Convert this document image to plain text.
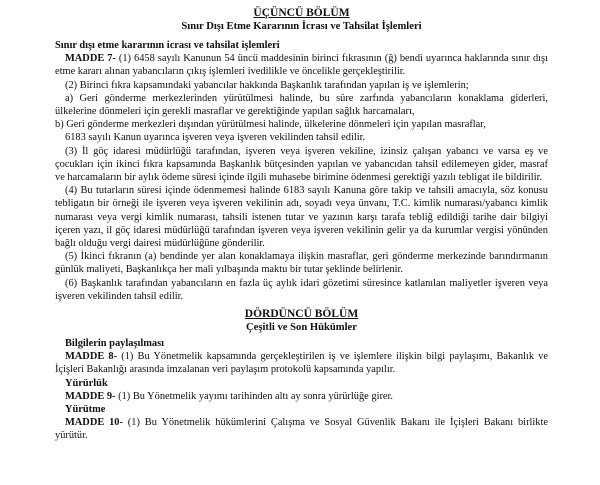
ÜÇÜNCÜ BÖLÜM
Sınır Dışı Etme Kararının İcrası ve Tahsilat İşlemleri
Sınır dışı etme kararının icrası ve tahsilat işlemleri

MADDE 7- (1) 6458 sayılı Kanunun 54 üncü maddesinin birinci fıkrasının (ğ) bendi uyarınca haklarında sınır dışı etme kararı alınan yabancıların çıkış işlemleri ivedilikle ve öncelikle gerçekleştirilir.

(2) Birinci fıkra kapsamındaki yabancılar hakkında Başkanlık tarafından yapılan iş ve işlemlerin;

a) Geri gönderme merkezlerinden yürütülmesi halinde, bu süre zarfında yabancıların konaklama giderleri, ülkelerine dönmeleri için gerekli masraflar ve gerektiğinde yapılan sağlık harcamaları,

b) Geri gönderme merkezleri dışından yürütülmesi halinde, ülkelerine dönmeleri için yapılan masraflar,

6183 sayılı Kanun uyarınca işveren veya işveren vekilinden tahsil edilir.

(3) İl göç idaresi müdürlüğü tarafından, işveren veya işveren vekiline, izinsiz çalışan yabancı ve varsa eş ve çocukları için ikinci fıkra kapsamında Başkanlık bütçesinden yapılan ve yabancıdan tahsil edilemeyen gider, masraf ve harcamaların bir aylık ödeme süresi içinde ilgili muhasebe birimine ödenmesi gerektiği yazılı tebligat ile bildirilir.

(4) Bu tutarların süresi içinde ödenmemesi halinde 6183 sayılı Kanuna göre takip ve tahsili amacıyla, söz konusu tebligatın bir örneği ile işveren veya işveren vekilinin adı, soyadı veya ünvanı, T.C. kimlik numarası/yabancı kimlik numarası veya vergi kimlik numarası, tahsili istenen tutar ve yazının karşı tarafa tebliğ edildiği tarihe dair bilgiyi içeren yazı, il göç idaresi müdürlüğü tarafından işveren veya işveren vekilinin gelir ya da kurumlar vergisi yönünden bağlı olduğu vergi dairesi müdürlüğüne gönderilir.

(5) İkinci fıkranın (a) bendinde yer alan konaklamaya ilişkin masraflar, geri gönderme merkezinde barındırmanın günlük maliyeti, Başkanlıkça her mali yılbaşında maktu bir tutar şeklinde belirlenir.

(6) Başkanlık tarafından yabancıların en fazla üç aylık idari gözetimi süresince katlanılan maliyetler işveren veya işveren vekilinden tahsil edilir.

DÖRDÜNCÜ BÖLÜM
Çeşitli ve Son Hükümler
Bilgilerin paylaşılması

MADDE 8- (1) Bu Yönetmelik kapsamında gerçekleştirilen iş ve işlemlere ilişkin bilgi paylaşımı, Bakanlık ve İçişleri Bakanlığı arasında imzalanan veri paylaşım protokolü kapsamında yapılır.

Yürürlük

MADDE 9- (1) Bu Yönetmelik yayımı tarihinden altı ay sonra yürürlüğe girer.

Yürütme

MADDE 10- (1) Bu Yönetmelik hükümlerini Çalışma ve Sosyal Güvenlik Bakanı ile İçişleri Bakanı birlikte yürütür.
